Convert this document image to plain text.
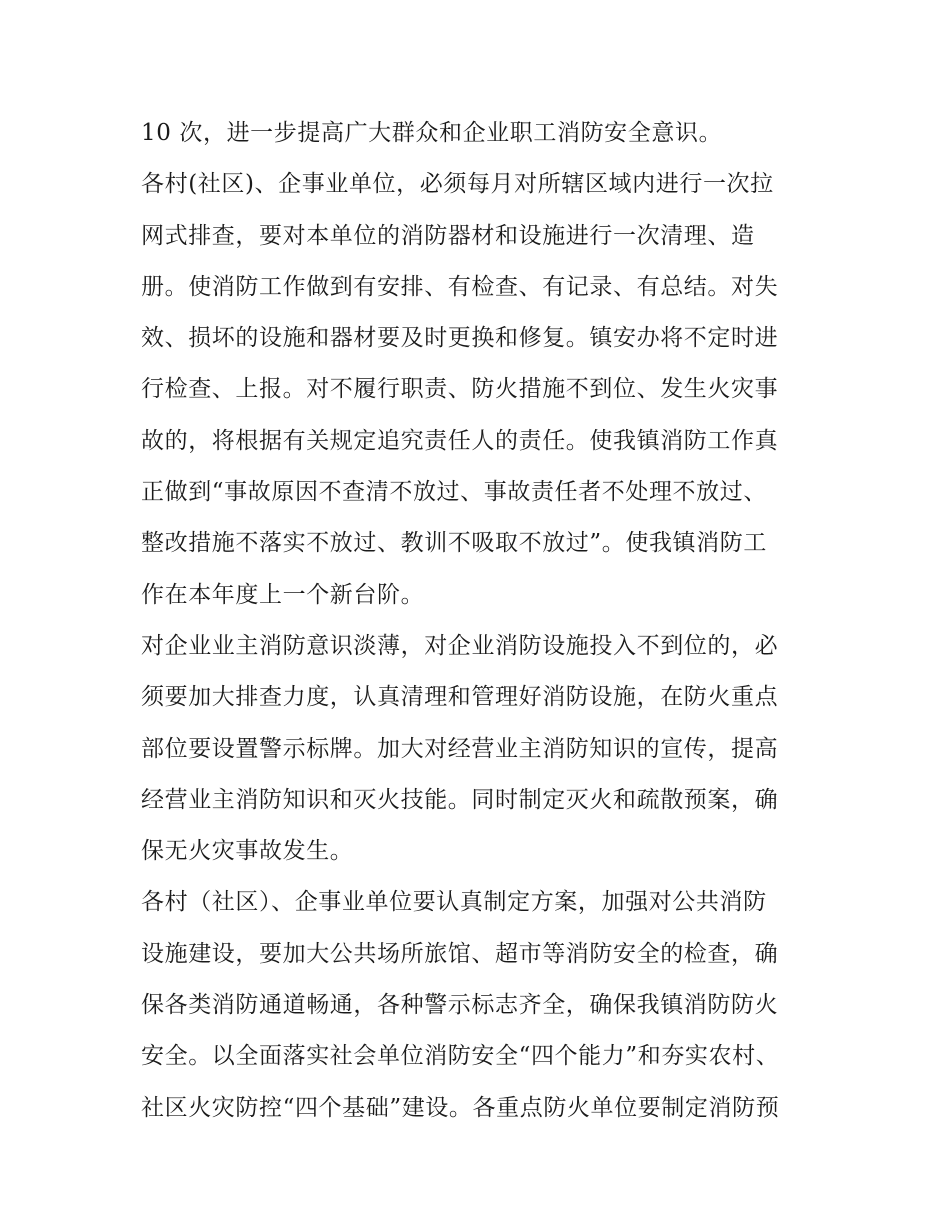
10 次，进一步提高广大群众和企业职工消防安全意识。
各村(社区)、企事业单位，必须每月对所辖区域内进行一次拉
网式排查，要对本单位的消防器材和设施进行一次清理、造
册。使消防工作做到有安排、有检查、有记录、有总结。对失
效、损坏的设施和器材要及时更换和修复。镇安办将不定时进
行检查、上报。对不履行职责、防火措施不到位、发生火灾事
故的，将根据有关规定追究责任人的责任。使我镇消防工作真
正做到“事故原因不查清不放过、事故责任者不处理不放过、
整改措施不落实不放过、教训不吸取不放过”。使我镇消防工
作在本年度上一个新台阶。
对企业业主消防意识淡薄，对企业消防设施投入不到位的，必
须要加大排查力度，认真清理和管理好消防设施，在防火重点
部位要设置警示标牌。加大对经营业主消防知识的宣传，提高
经营业主消防知识和灭火技能。同时制定灭火和疏散预案，确
保无火灾事故发生。
各村（社区）、企事业单位要认真制定方案，加强对公共消防
设施建设，要加大公共场所旅馆、超市等消防安全的检查，确
保各类消防通道畅通，各种警示标志齐全，确保我镇消防防火
安全。以全面落实社会单位消防安全“四个能力”和夯实农村、
社区火灾防控“四个基础”建设。各重点防火单位要制定消防预
